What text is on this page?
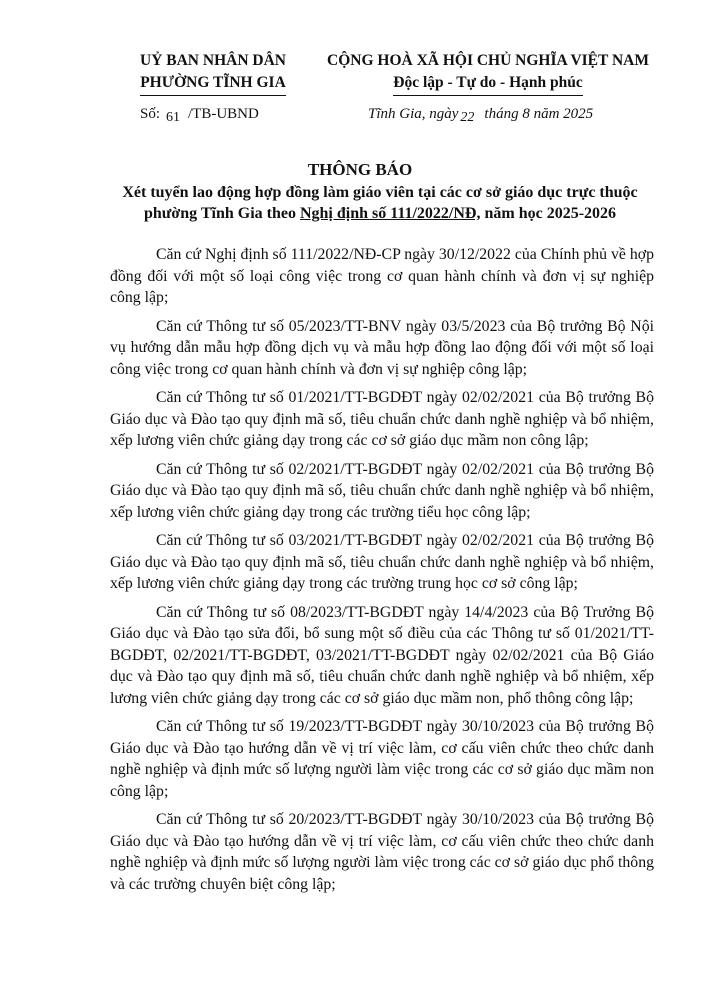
UỶ BAN NHÂN DÂN
PHƯỜNG TĨNH GIA
CỘNG HOÀ XÃ HỘI CHỦ NGHĨA VIỆT NAM
Độc lập - Tự do - Hạnh phúc
Số: 61 /TB-UBND	Tĩnh Gia, ngày 22 tháng 8 năm 2025
THÔNG BÁO
Xét tuyển lao động hợp đồng làm giáo viên tại các cơ sở giáo dục trực thuộc phường Tĩnh Gia theo Nghị định số 111/2022/NĐ, năm học 2025-2026

Căn cứ Nghị định số 111/2022/NĐ-CP ngày 30/12/2022 của Chính phủ về hợp đồng đối với một số loại công việc trong cơ quan hành chính và đơn vị sự nghiệp công lập;

Căn cứ Thông tư số 05/2023/TT-BNV ngày 03/5/2023 của Bộ trưởng Bộ Nội vụ hướng dẫn mẫu hợp đồng dịch vụ và mẫu hợp đồng lao động đối với một số loại công việc trong cơ quan hành chính và đơn vị sự nghiệp công lập;

Căn cứ Thông tư số 01/2021/TT-BGDĐT ngày 02/02/2021 của Bộ trưởng Bộ Giáo dục và Đào tạo quy định mã số, tiêu chuẩn chức danh nghề nghiệp và bổ nhiệm, xếp lương viên chức giảng dạy trong các cơ sở giáo dục mầm non công lập;

Căn cứ Thông tư số 02/2021/TT-BGDĐT ngày 02/02/2021 của Bộ trưởng Bộ Giáo dục và Đào tạo quy định mã số, tiêu chuẩn chức danh nghề nghiệp và bổ nhiệm, xếp lương viên chức giảng dạy trong các trường tiểu học công lập;

Căn cứ Thông tư số 03/2021/TT-BGDĐT ngày 02/02/2021 của Bộ trưởng Bộ Giáo dục và Đào tạo quy định mã số, tiêu chuẩn chức danh nghề nghiệp và bổ nhiệm, xếp lương viên chức giảng dạy trong các trường trung học cơ sở công lập;

Căn cứ Thông tư số 08/2023/TT-BGDĐT ngày 14/4/2023 của Bộ Trưởng Bộ Giáo dục và Đào tạo sửa đổi, bổ sung một số điều của các Thông tư số 01/2021/TT-BGDĐT, 02/2021/TT-BGDĐT, 03/2021/TT-BGDĐT ngày 02/02/2021 của Bộ Giáo dục và Đào tạo quy định mã số, tiêu chuẩn chức danh nghề nghiệp và bổ nhiệm, xếp lương viên chức giảng dạy trong các cơ sở giáo dục mầm non, phổ thông công lập;

Căn cứ Thông tư số 19/2023/TT-BGDĐT ngày 30/10/2023 của Bộ trưởng Bộ Giáo dục và Đào tạo hướng dẫn về vị trí việc làm, cơ cấu viên chức theo chức danh nghề nghiệp và định mức số lượng người làm việc trong các cơ sở giáo dục mầm non công lập;

Căn cứ Thông tư số 20/2023/TT-BGDĐT ngày 30/10/2023 của Bộ trưởng Bộ Giáo dục và Đào tạo hướng dẫn về vị trí việc làm, cơ cấu viên chức theo chức danh nghề nghiệp và định mức số lượng người làm việc trong các cơ sở giáo dục phổ thông và các trường chuyên biệt công lập;
